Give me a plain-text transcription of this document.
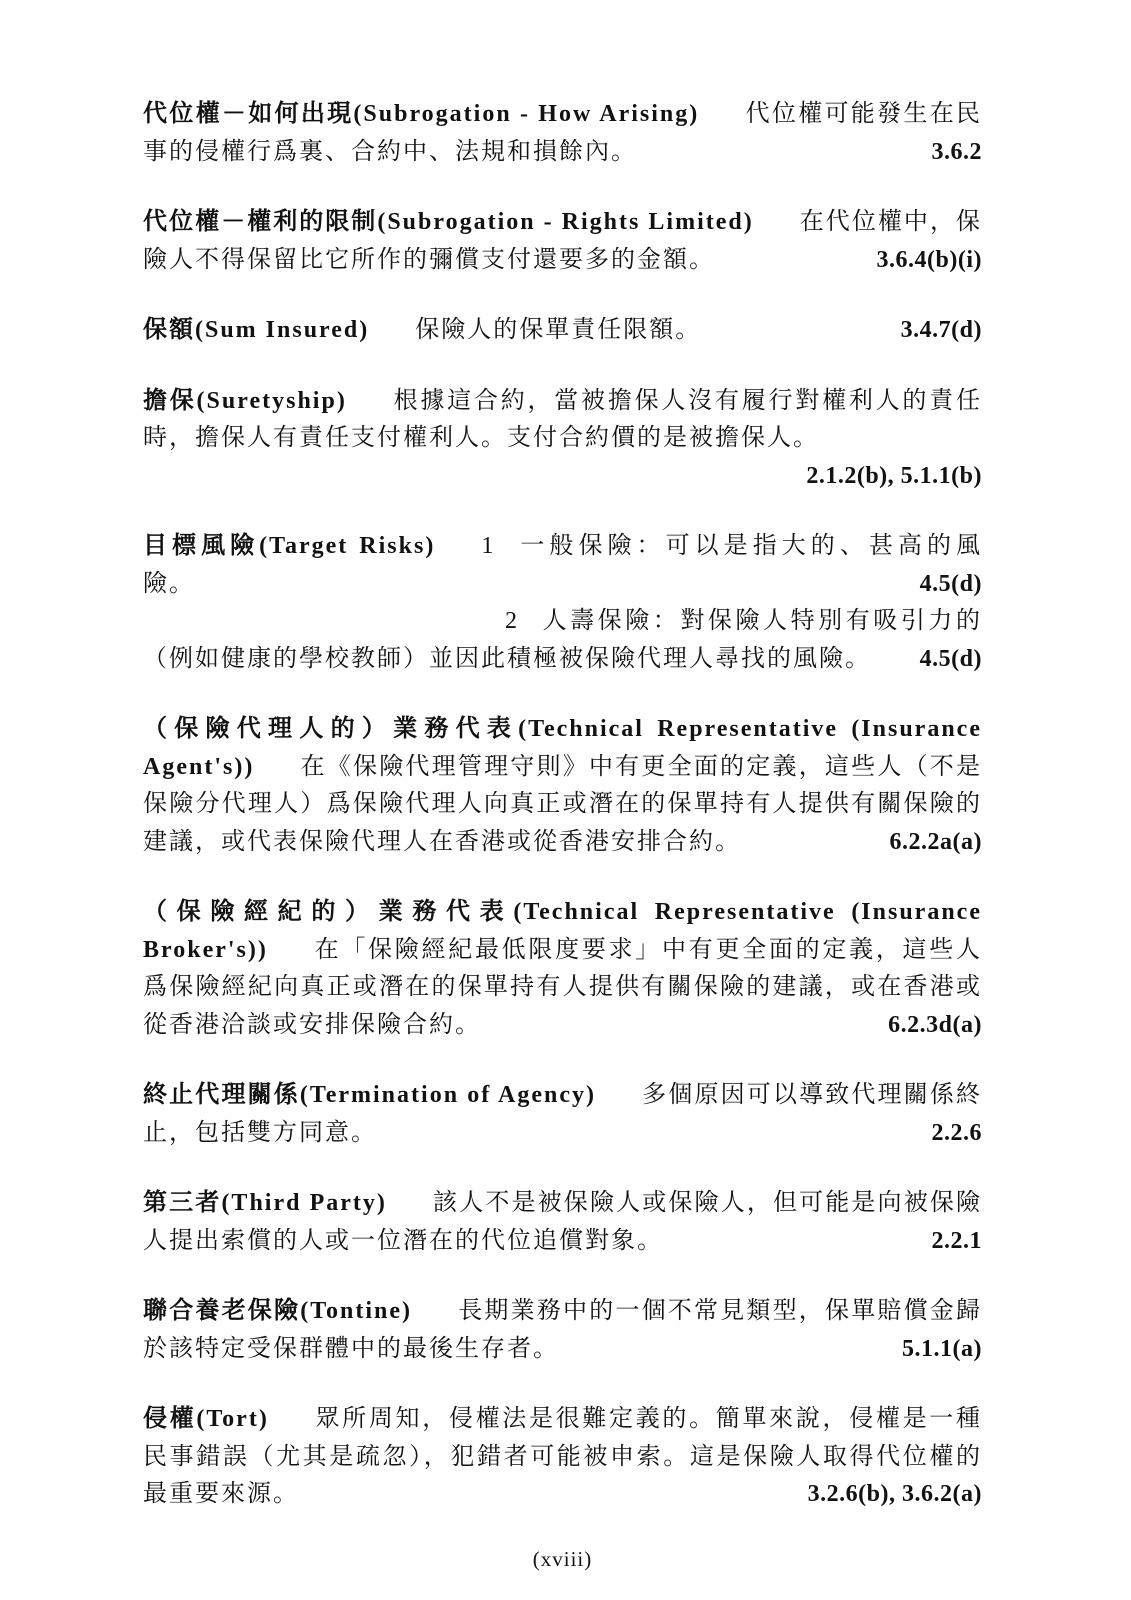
代位權－如何出現(Subrogation - How Arising) 代位權可能發生在民事的侵權行爲裏、合約中、法規和損餘內。	3.6.2

代位權－權利的限制(Subrogation - Rights Limited) 在代位權中，保險人不得保留比它所作的彌償支付還要多的金額。	3.6.4(b)(i)

保額(Sum Insured) 保險人的保單責任限額。	3.4.7(d)

擔保(Suretyship) 根據這合約，當被擔保人沒有履行對權利人的責任時，擔保人有責任支付權利人。支付合約價的是被擔保人。

2.1.2(b), 5.1.1(b)
目標風險(Target Risks) 1 一般保險：可以是指大的、甚高的風
險。	4.5(d)
2 人壽保險：對保險人特別有吸引力的
（例如健康的學校教師）並因此積極被保險代理人尋找的風險。 4.5(d)

（保險代理人的）業務代表(Technical Representative (Insurance Agent's)) 在《保險代理管理守則》中有更全面的定義，這些人（不是保險分代理人）爲保險代理人向真正或潛在的保單持有人提供有關保險的建議，或代表保險代理人在香港或從香港安排合約。	6.2.2a(a)

（保險經紀的）業務代表(Technical Representative (Insurance Broker's)) 在「保險經紀最低限度要求」中有更全面的定義，這些人爲保險經紀向真正或潛在的保單持有人提供有關保險的建議，或在香港或從香港洽談或安排保險合約。	6.2.3d(a)

終止代理關係(Termination of Agency) 多個原因可以導致代理關係終止，包括雙方同意。	2.2.6

第三者(Third Party) 該人不是被保險人或保險人，但可能是向被保險人提出索償的人或一位潛在的代位追償對象。	2.2.1

聯合養老保險(Tontine) 長期業務中的一個不常見類型，保單賠償金歸於該特定受保群體中的最後生存者。	5.1.1(a)

侵權(Tort) 眾所周知，侵權法是很難定義的。簡單來說，侵權是一種民事錯誤（尤其是疏忽），犯錯者可能被申索。這是保險人取得代位權的最重要來源。	3.2.6(b), 3.6.2(a)
(xviii)
